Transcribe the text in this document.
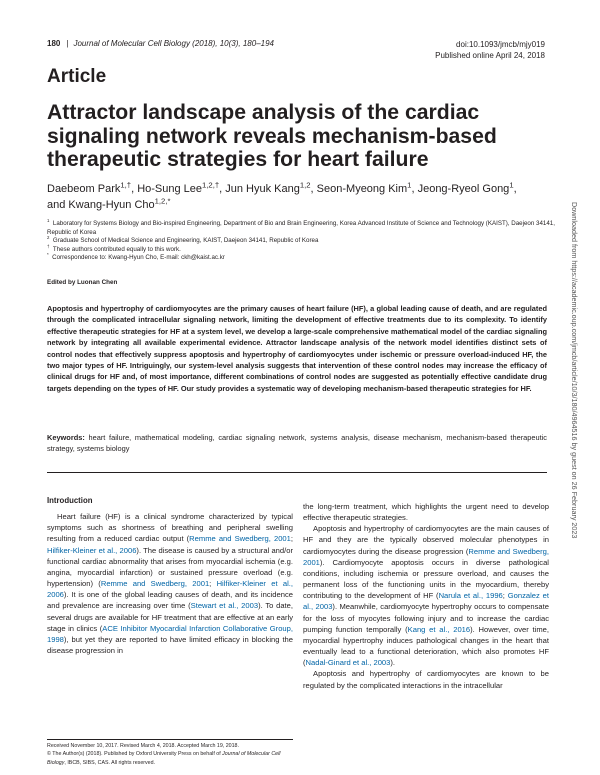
180 | Journal of Molecular Cell Biology (2018), 10(3), 180–194	doi:10.1093/jmcb/mjy019
Published online April 24, 2018
Article
Attractor landscape analysis of the cardiac signaling network reveals mechanism-based therapeutic strategies for heart failure
Daebeom Park$^{1,\dagger}$, Ho-Sung Lee$^{1,2,\dagger}$, Jun Hyuk Kang$^{1,2}$, Seon-Myeong Kim$^1$, Jeong-Ryeol Gong$^1$,
and Kwang-Hyun Cho$^{1,2,*}$
$^1$ Laboratory for Systems Biology and Bio-inspired Engineering, Department of Bio and Brain Engineering, Korea Advanced Institute of Science and Technology (KAIST), Daejeon 34141, Republic of Korea
$^2$ Graduate School of Medical Science and Engineering, KAIST, Daejeon 34141, Republic of Korea
† These authors contributed equally to this work.
* Correspondence to: Kwang-Hyun Cho, E-mail: ckh@kaist.ac.kr
Edited by Luonan Chen
Apoptosis and hypertrophy of cardiomyocytes are the primary causes of heart failure (HF), a global leading cause of death, and are regulated through the complicated intracellular signaling network, limiting the development of effective treatments due to its complexity. To identify effective therapeutic strategies for HF at a system level, we develop a large-scale comprehensive mathematical model of the cardiac signaling network by integrating all available experimental evidence. Attractor landscape analysis of the network model identifies distinct sets of control nodes that effectively suppress apoptosis and hypertrophy of cardiomyocytes under ischemic or pressure overload-induced HF, the two major types of HF. Intriguingly, our system-level analysis suggests that intervention of these control nodes may increase the efficacy of clinical drugs for HF and, of most importance, different combinations of control nodes are suggested as potentially effective candidate drug targets depending on the types of HF. Our study provides a systematic way of developing mechanism-based therapeutic strategies for HF.
Keywords: heart failure, mathematical modeling, cardiac signaling network, systems analysis, disease mechanism, mechanism-based therapeutic strategy, systems biology
Introduction

Heart failure (HF) is a clinical syndrome characterized by typical symptoms such as shortness of breathing and peripheral swelling resulting from a reduced cardiac output (Remme and Swedberg, 2001; Hilfiker-Kleiner et al., 2006). The disease is caused by a structural and/or functional cardiac abnormality that arises from myocardial ischemia (e.g. angina, myocardial infarction) or sustained pressure overload (e.g. hypertension) (Remme and Swedberg, 2001; Hilfiker-Kleiner et al., 2006). It is one of the global leading causes of death, and its incidence and prevalence are increasing over time (Stewart et al., 2003). To date, several drugs are available for HF treatment that are effective at an early stage in clinics (ACE Inhibitor Myocardial Infarction Collaborative Group, 1998), but yet they are reported to have limited efficacy in blocking the disease progression in

the long-term treatment, which highlights the urgent need to develop effective therapeutic strategies.

Apoptosis and hypertrophy of cardiomyocytes are the main causes of HF and they are the typically observed molecular phenotypes in cardiomyocytes during the disease progression (Remme and Swedberg, 2001). Cardiomyocyte apoptosis occurs in diverse pathological conditions, including ischemia or pressure overload, and causes the permanent loss of the functioning units in the myocardium, thereby contributing to the development of HF (Narula et al., 1996; Gonzalez et al., 2003). Meanwhile, cardiomyocyte hypertrophy occurs to compensate for the loss of myocytes following injury and to increase the cardiac pumping function temporally (Kang et al., 2016). However, over time, myocardial hypertrophy induces pathological changes in the heart that eventually lead to a functional deterioration, which also promotes HF (Nadal-Ginard et al., 2003).

Apoptosis and hypertrophy of cardiomyocytes are known to be regulated by the complicated interactions in the intracellular

Received November 10, 2017. Revised March 4, 2018. Accepted March 19, 2018.
© The Author(s) (2018). Published by Oxford University Press on behalf of Journal of Molecular Cell Biology, IBCB, SIBS, CAS. All rights reserved.
Downloaded from https://academic.oup.com/jmcb/article/10/3/180/4964516 by guest on 26 February 2023
